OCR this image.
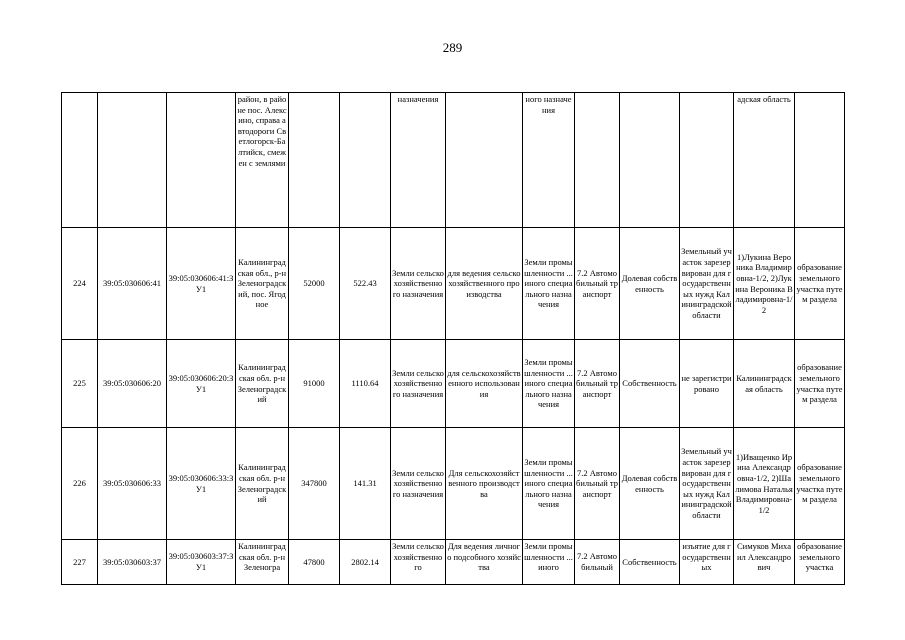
289
			район, в районе пос. Алексино, справа автодороги Светлогорск-Балтийск, смежен с землями			назначения		ного назначения				адская область	
224	39:05:030606:41	39:05:030606:41:ЗУ1	Калининградская обл., р-н Зеленоградский, пос. Ягодное	52000	522.43	Земли сельскохозяйственного назначения	для ведения сельскохозяйственного производства	Земли промышленности ...иного специального назначения	7.2 Автомобильный транспорт	Долевая собственность	Земельный участок зарезервирован для государственных нужд Калининградской области	1)Лукина Вероника Владимировна-1/2, 2)Лукина Вероника Владимировна-1/2	образование земельного участка путем раздела
225	39:05:030606:20	39:05:030606:20:ЗУ1	Калининградская обл. р-н Зеленоградский	91000	1110.64	Земли сельскохозяйственного назначения	для сельскохозяйственного использования	Земли промышленности ...иного специального назначения	7.2 Автомобильный транспорт	Собственность	не зарегистрировано	Калининградская область	образование земельного участка путем раздела
226	39:05:030606:33	39:05:030606:33:ЗУ1	Калининградская обл. р-н Зеленоградский	347800	141.31	Земли сельскохозяйственного назначения	Для сельскохозяйственного производства	Земли промышленности ...иного специального назначения	7.2 Автомобильный транспорт	Долевая собственность	Земельный участок зарезервирован для государственных нужд Калининградской области	1)Иващенко Ирина Александровна-1/2, 2)Шалимова Наталья Владимировна-1/2	образование земельного участка путем раздела
227	39:05:030603:37	39:05:030603:37:ЗУ1	Калининградская обл. р-н Зеленогра	47800	2802.14	Земли сельскохозяйственного	Для ведения личного подсобного хозяйства	Земли промышленности ...иного	7.2 Автомобильный	Собственность	изъятие для государственных	Симуков Михаил Александрович	образование земельного участка
